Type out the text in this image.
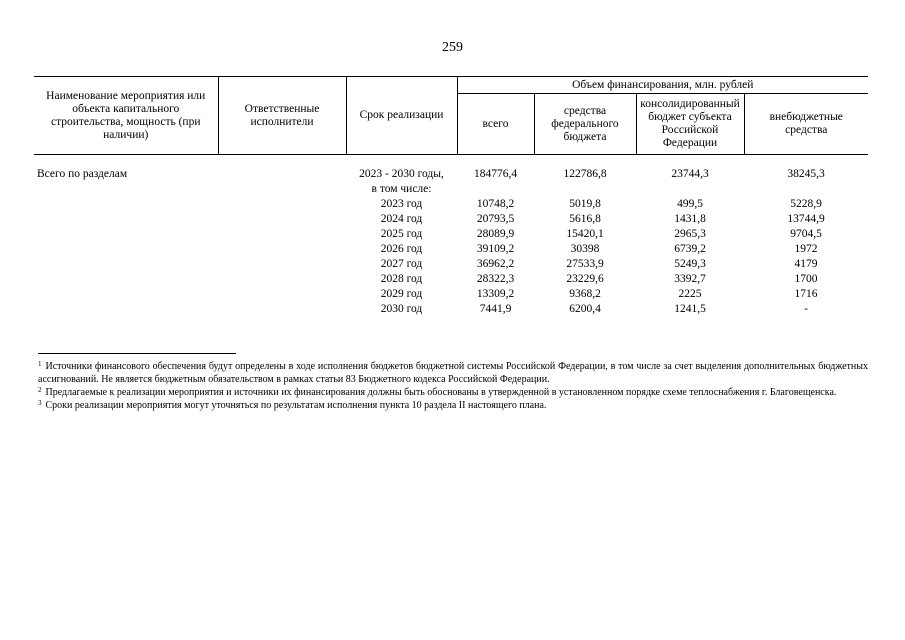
259
Наименование мероприятия или объекта капитального строительства, мощность (при наличии)	Ответственные исполнители	Срок реализации	Объем финансирования, млн. рублей			
			всего	средства федерального бюджета	консолидированный бюджет субъекта Российской Федерации	внебюджетные средства

Всего по разделам		2023 - 2030 годы,	184776,4	122786,8	23744,3	38245,3
		в том числе:				
		2023 год	10748,2	5019,8	499,5	5228,9
		2024 год	20793,5	5616,8	1431,8	13744,9
		2025 год	28089,9	15420,1	2965,3	9704,5
		2026 год	39109,2	30398	6739,2	1972
		2027 год	36962,2	27533,9	5249,3	4179
		2028 год	28322,3	23229,6	3392,7	1700
		2029 год	13309,2	9368,2	2225	1716
		2030 год	7441,9	6200,4	1241,5	-

$^1$ Источники финансового обеспечения будут определены в ходе исполнения бюджетов бюджетной системы Российской Федерации, в том числе за счет выделения дополнительных бюджетных ассигнований. Не является бюджетным обязательством в рамках статьи 83 Бюджетного кодекса Российской Федерации.

$^2$ Предлагаемые к реализации мероприятия и источники их финансирования должны быть обоснованы в утвержденной в установленном порядке схеме теплоснабжения г. Благовещенска.

$^3$ Сроки реализации мероприятия могут уточняться по результатам исполнения пункта 10 раздела II настоящего плана.
